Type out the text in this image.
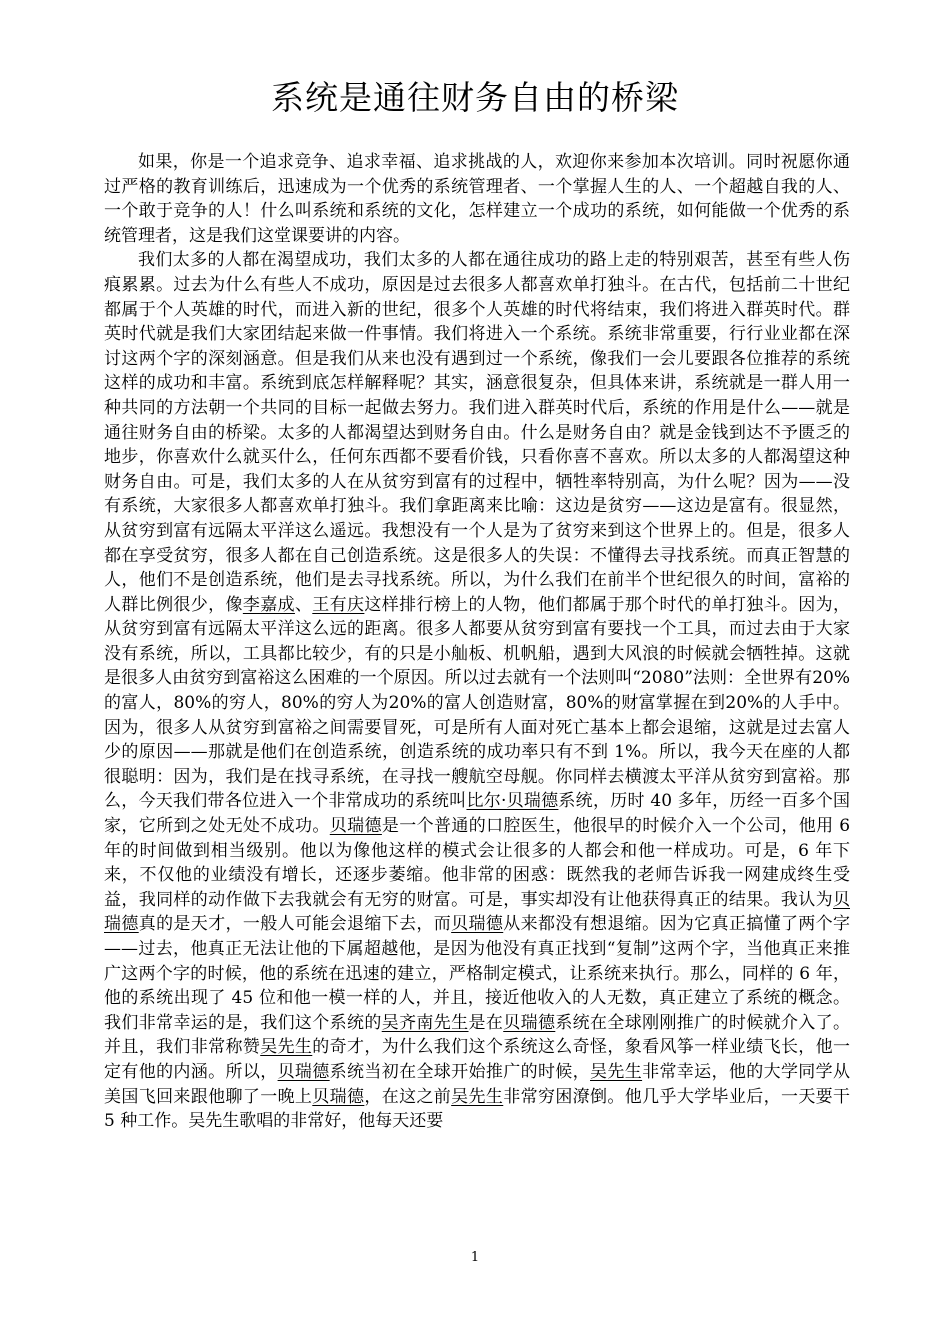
系统是通往财务自由的桥梁

如果，你是一个追求竞争、追求幸福、追求挑战的人，欢迎你来参加本次培训。同时祝愿你通过严格的教育训练后，迅速成为一个优秀的系统管理者、一个掌握人生的人、一个超越自我的人、一个敢于竞争的人！什么叫系统和系统的文化，怎样建立一个成功的系统，如何能做一个优秀的系统管理者，这是我们这堂课要讲的内容。

我们太多的人都在渴望成功，我们太多的人都在通往成功的路上走的特别艰苦，甚至有些人伤痕累累。过去为什么有些人不成功，原因是过去很多人都喜欢单打独斗。在古代，包括前二十世纪都属于个人英雄的时代，而进入新的世纪，很多个人英雄的时代将结束，我们将进入群英时代。群英时代就是我们大家团结起来做一件事情。我们将进入一个系统。系统非常重要，行行业业都在深讨这两个字的深刻涵意。但是我们从来也没有遇到过一个系统，像我们一会儿要跟各位推荐的系统这样的成功和丰富。系统到底怎样解释呢？其实，涵意很复杂，但具体来讲，系统就是一群人用一种共同的方法朝一个共同的目标一起做去努力。我们进入群英时代后，系统的作用是什么——就是通往财务自由的桥梁。太多的人都渴望达到财务自由。什么是财务自由？就是金钱到达不予匮乏的地步，你喜欢什么就买什么，任何东西都不要看价钱，只看你喜不喜欢。所以太多的人都渴望这种财务自由。可是，我们太多的人在从贫穷到富有的过程中，牺牲率特别高，为什么呢？因为——没有系统，大家很多人都喜欢单打独斗。我们拿距离来比喻：这边是贫穷——这边是富有。很显然，从贫穷到富有远隔太平洋这么遥远。我想没有一个人是为了贫穷来到这个世界上的。但是，很多人都在享受贫穷，很多人都在自己创造系统。这是很多人的失误：不懂得去寻找系统。而真正智慧的人，他们不是创造系统，他们是去寻找系统。所以，为什么我们在前半个世纪很久的时间，富裕的人群比例很少，像李嘉成、王有庆这样排行榜上的人物，他们都属于那个时代的单打独斗。因为，从贫穷到富有远隔太平洋这么远的距离。很多人都要从贫穷到富有要找一个工具，而过去由于大家没有系统，所以，工具都比较少，有的只是小舢板、机帆船，遇到大风浪的时候就会牺牲掉。这就是很多人由贫穷到富裕这么困难的一个原因。所以过去就有一个法则叫“2080”法则：全世界有20%的富人，80%的穷人，80%的穷人为20%的富人创造财富，80%的财富掌握在到20%的人手中。因为，很多人从贫穷到富裕之间需要冒死，可是所有人面对死亡基本上都会退缩，这就是过去富人少的原因——那就是他们在创造系统，创造系统的成功率只有不到 1%。所以，我今天在座的人都很聪明：因为，我们是在找寻系统，在寻找一艘航空母舰。你同样去横渡太平洋从贫穷到富裕。那么，今天我们带各位进入一个非常成功的系统叫比尔·贝瑞德系统，历时 40 多年，历经一百多个国家，它所到之处无处不成功。贝瑞德是一个普通的口腔医生，他很早的时候介入一个公司，他用 6 年的时间做到相当级别。他以为像他这样的模式会让很多的人都会和他一样成功。可是，6 年下来，不仅他的业绩没有增长，还逐步萎缩。他非常的困惑：既然我的老师告诉我一网建成终生受益，我同样的动作做下去我就会有无穷的财富。可是，事实却没有让他获得真正的结果。我认为贝瑞德真的是天才，一般人可能会退缩下去，而贝瑞德从来都没有想退缩。因为它真正搞懂了两个字——过去，他真正无法让他的下属超越他，是因为他没有真正找到“复制”这两个字，当他真正来推广这两个字的时候，他的系统在迅速的建立，严格制定模式，让系统来执行。那么，同样的 6 年，他的系统出现了 45 位和他一模一样的人，并且，接近他收入的人无数，真正建立了系统的概念。我们非常幸运的是，我们这个系统的吴齐南先生是在贝瑞德系统在全球刚刚推广的时候就介入了。并且，我们非常称赞吴先生的奇才，为什么我们这个系统这么奇怪，象看风筝一样业绩飞长，他一定有他的内涵。所以，贝瑞德系统当初在全球开始推广的时候，吴先生非常幸运，他的大学同学从美国飞回来跟他聊了一晚上贝瑞德，在这之前吴先生非常穷困潦倒。他几乎大学毕业后，一天要干 5 种工作。吴先生歌唱的非常好，他每天还要

1
